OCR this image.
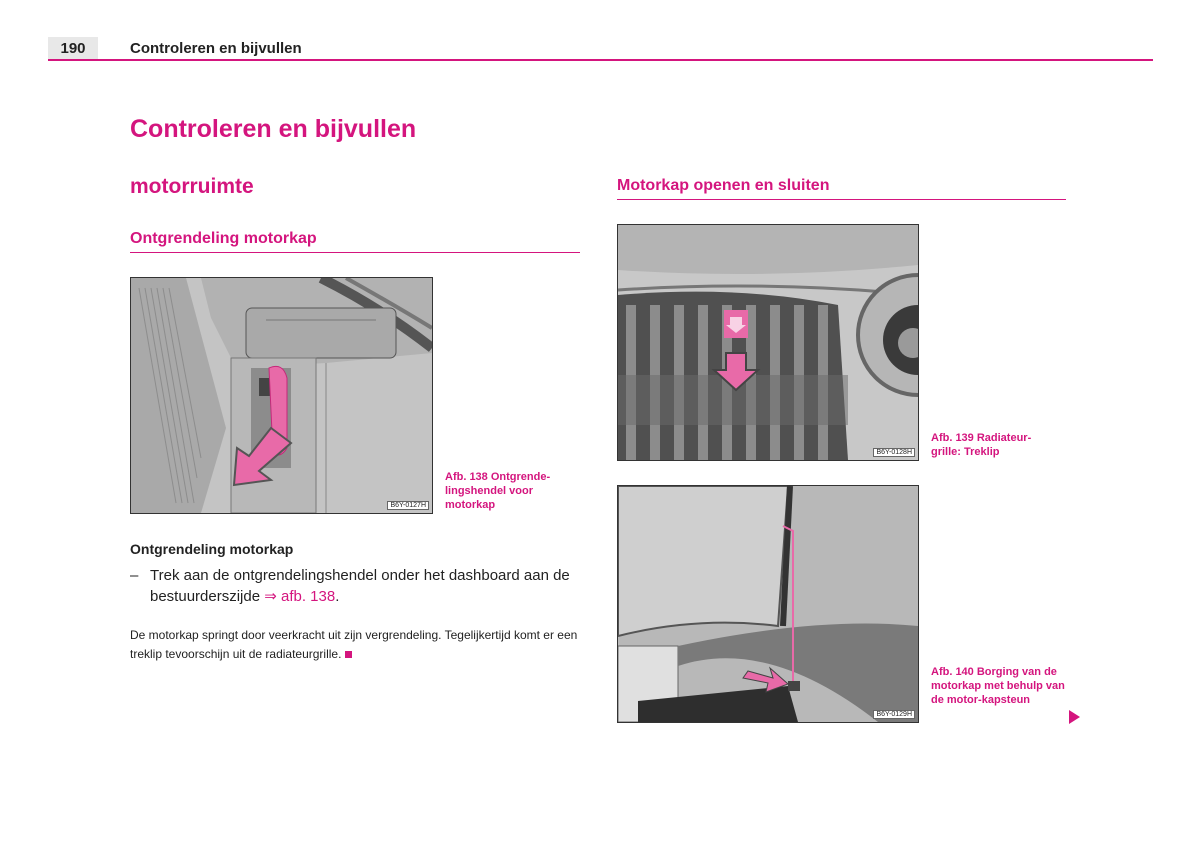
190	Controleren en bijvullen
Controleren en bijvullen
motorruimte
Ontgrendeling motorkap
Motorkap openen en sluiten
B6Y-0127H
Afb. 138 Ontgrende-lingshendel voor motorkap
Ontgrendeling motorkap
– Trek aan de ontgrendelingshendel onder het dashboard aan de bestuurderszijde ⇒ afb. 138.
De motorkap springt door veerkracht uit zijn vergrendeling. Tegelijkertijd komt er een treklip tevoorschijn uit de radiateurgrille.
B6Y-0128H
Afb. 139 Radiateur-grille: Treklip
B6Y-0129H
Afb. 140 Borging van de motorkap met behulp van de motor-kapsteun
